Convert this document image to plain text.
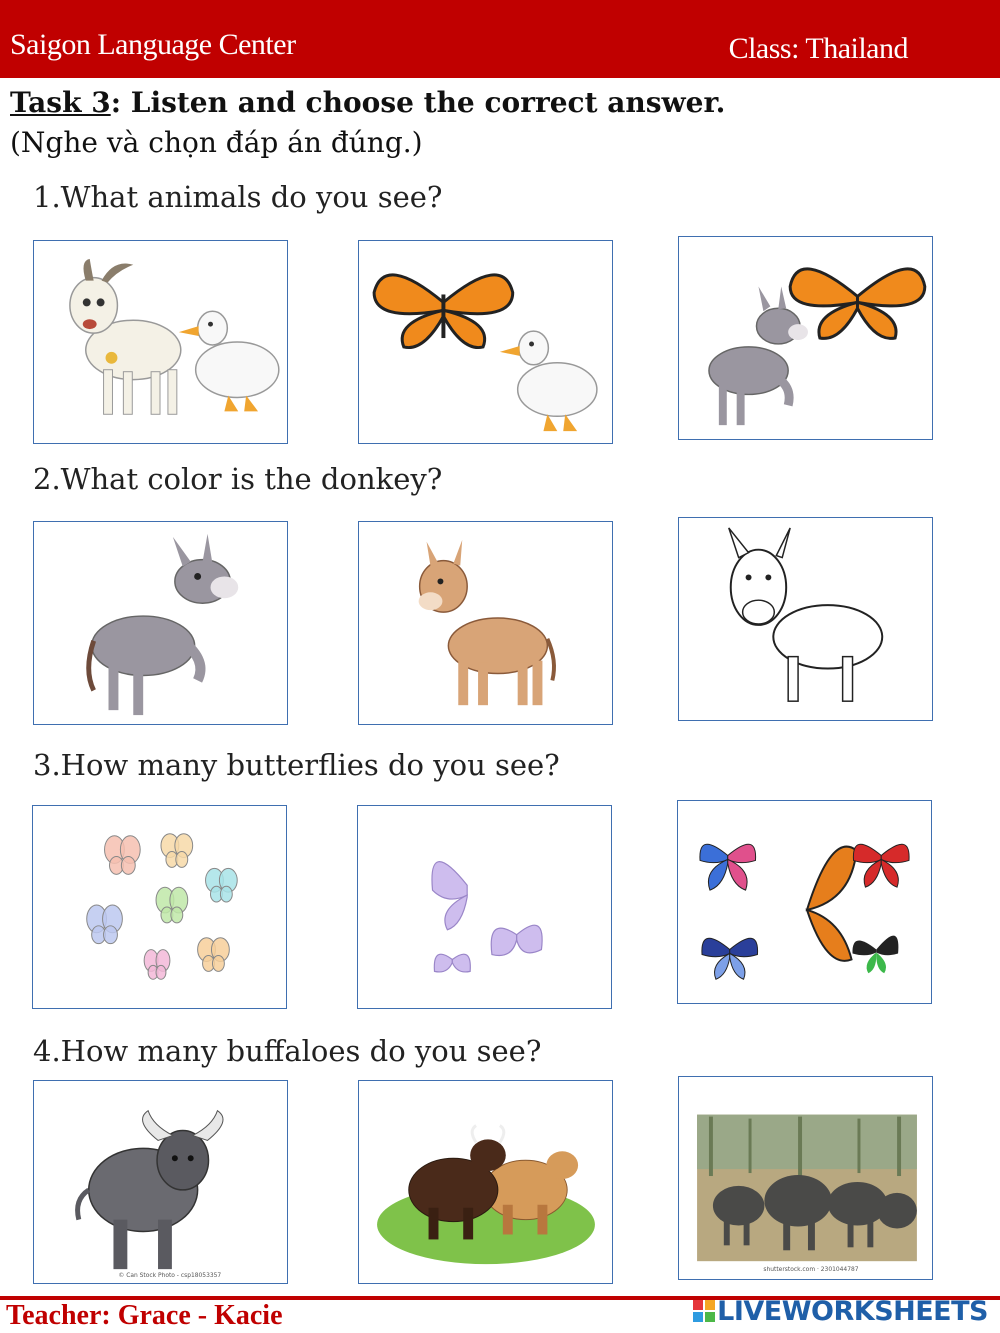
Saigon Language Center	Class: Thailand
Task 3: Listen and choose the correct answer.
(Nghe và chọn đáp án đúng.)
1.What animals do you see?
2.What color is the donkey?
3.How many butterflies do you see?
4.How many buffaloes do you see?
© Can Stock Photo - csp18053357
shutterstock.com · 2301044787
Teacher: Grace - Kacie	LIVEWORKSHEETS
